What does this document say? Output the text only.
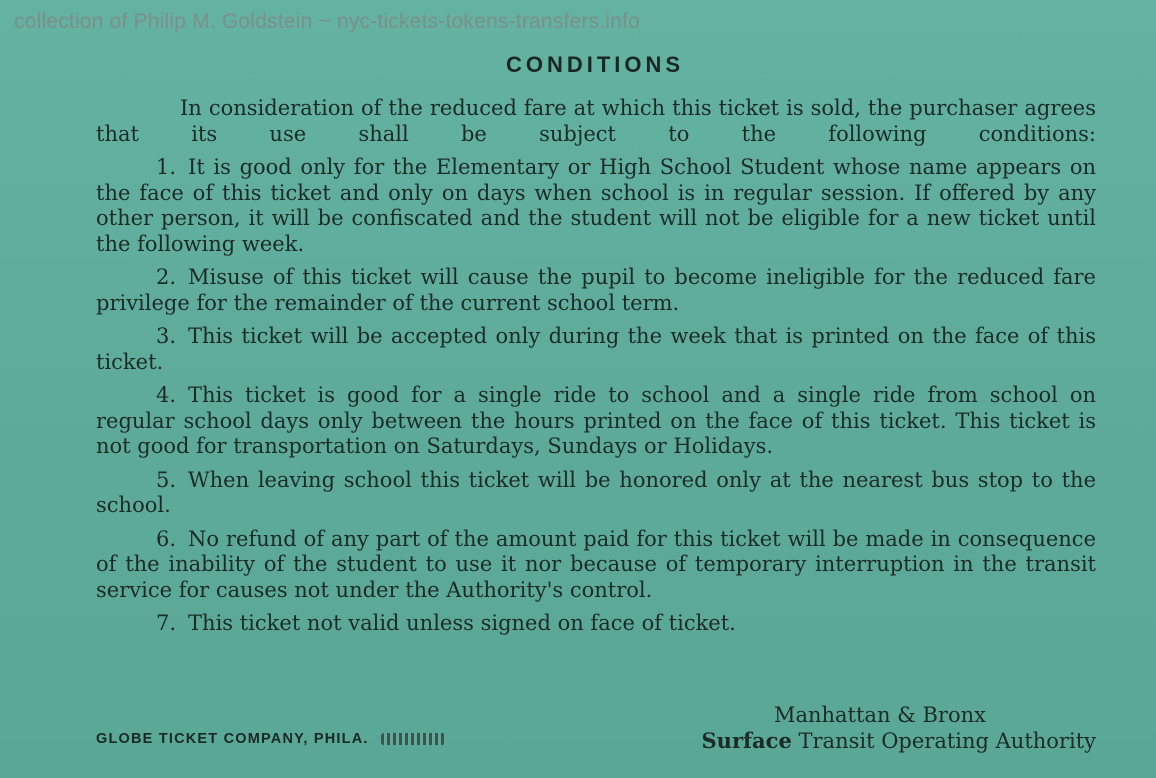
collection of Philip M. Goldstein ~ nyc-tickets-tokens-transfers.info
CONDITIONS

In consideration of the reduced fare at which this ticket is sold, the purchaser agrees that its use shall be subject to the following conditions:

1. It is good only for the Elementary or High School Student whose name appears on the face of this ticket and only on days when school is in regular session. If offered by any other person, it will be confiscated and the student will not be eligible for a new ticket until the following week.

2. Misuse of this ticket will cause the pupil to become ineligible for the reduced fare privilege for the remainder of the current school term.

3. This ticket will be accepted only during the week that is printed on the face of this ticket.

4. This ticket is good for a single ride to school and a single ride from school on regular school days only between the hours printed on the face of this ticket. This ticket is not good for transportation on Saturdays, Sundays or Holidays.

5. When leaving school this ticket will be honored only at the nearest bus stop to the school.

6. No refund of any part of the amount paid for this ticket will be made in consequence of the inability of the student to use it nor because of temporary interruption in the transit service for causes not under the Authority's control.

7. This ticket not valid unless signed on face of ticket.

Manhattan & Bronx
Surface Transit Operating Authority
GLOBE TICKET COMPANY, PHILA.
